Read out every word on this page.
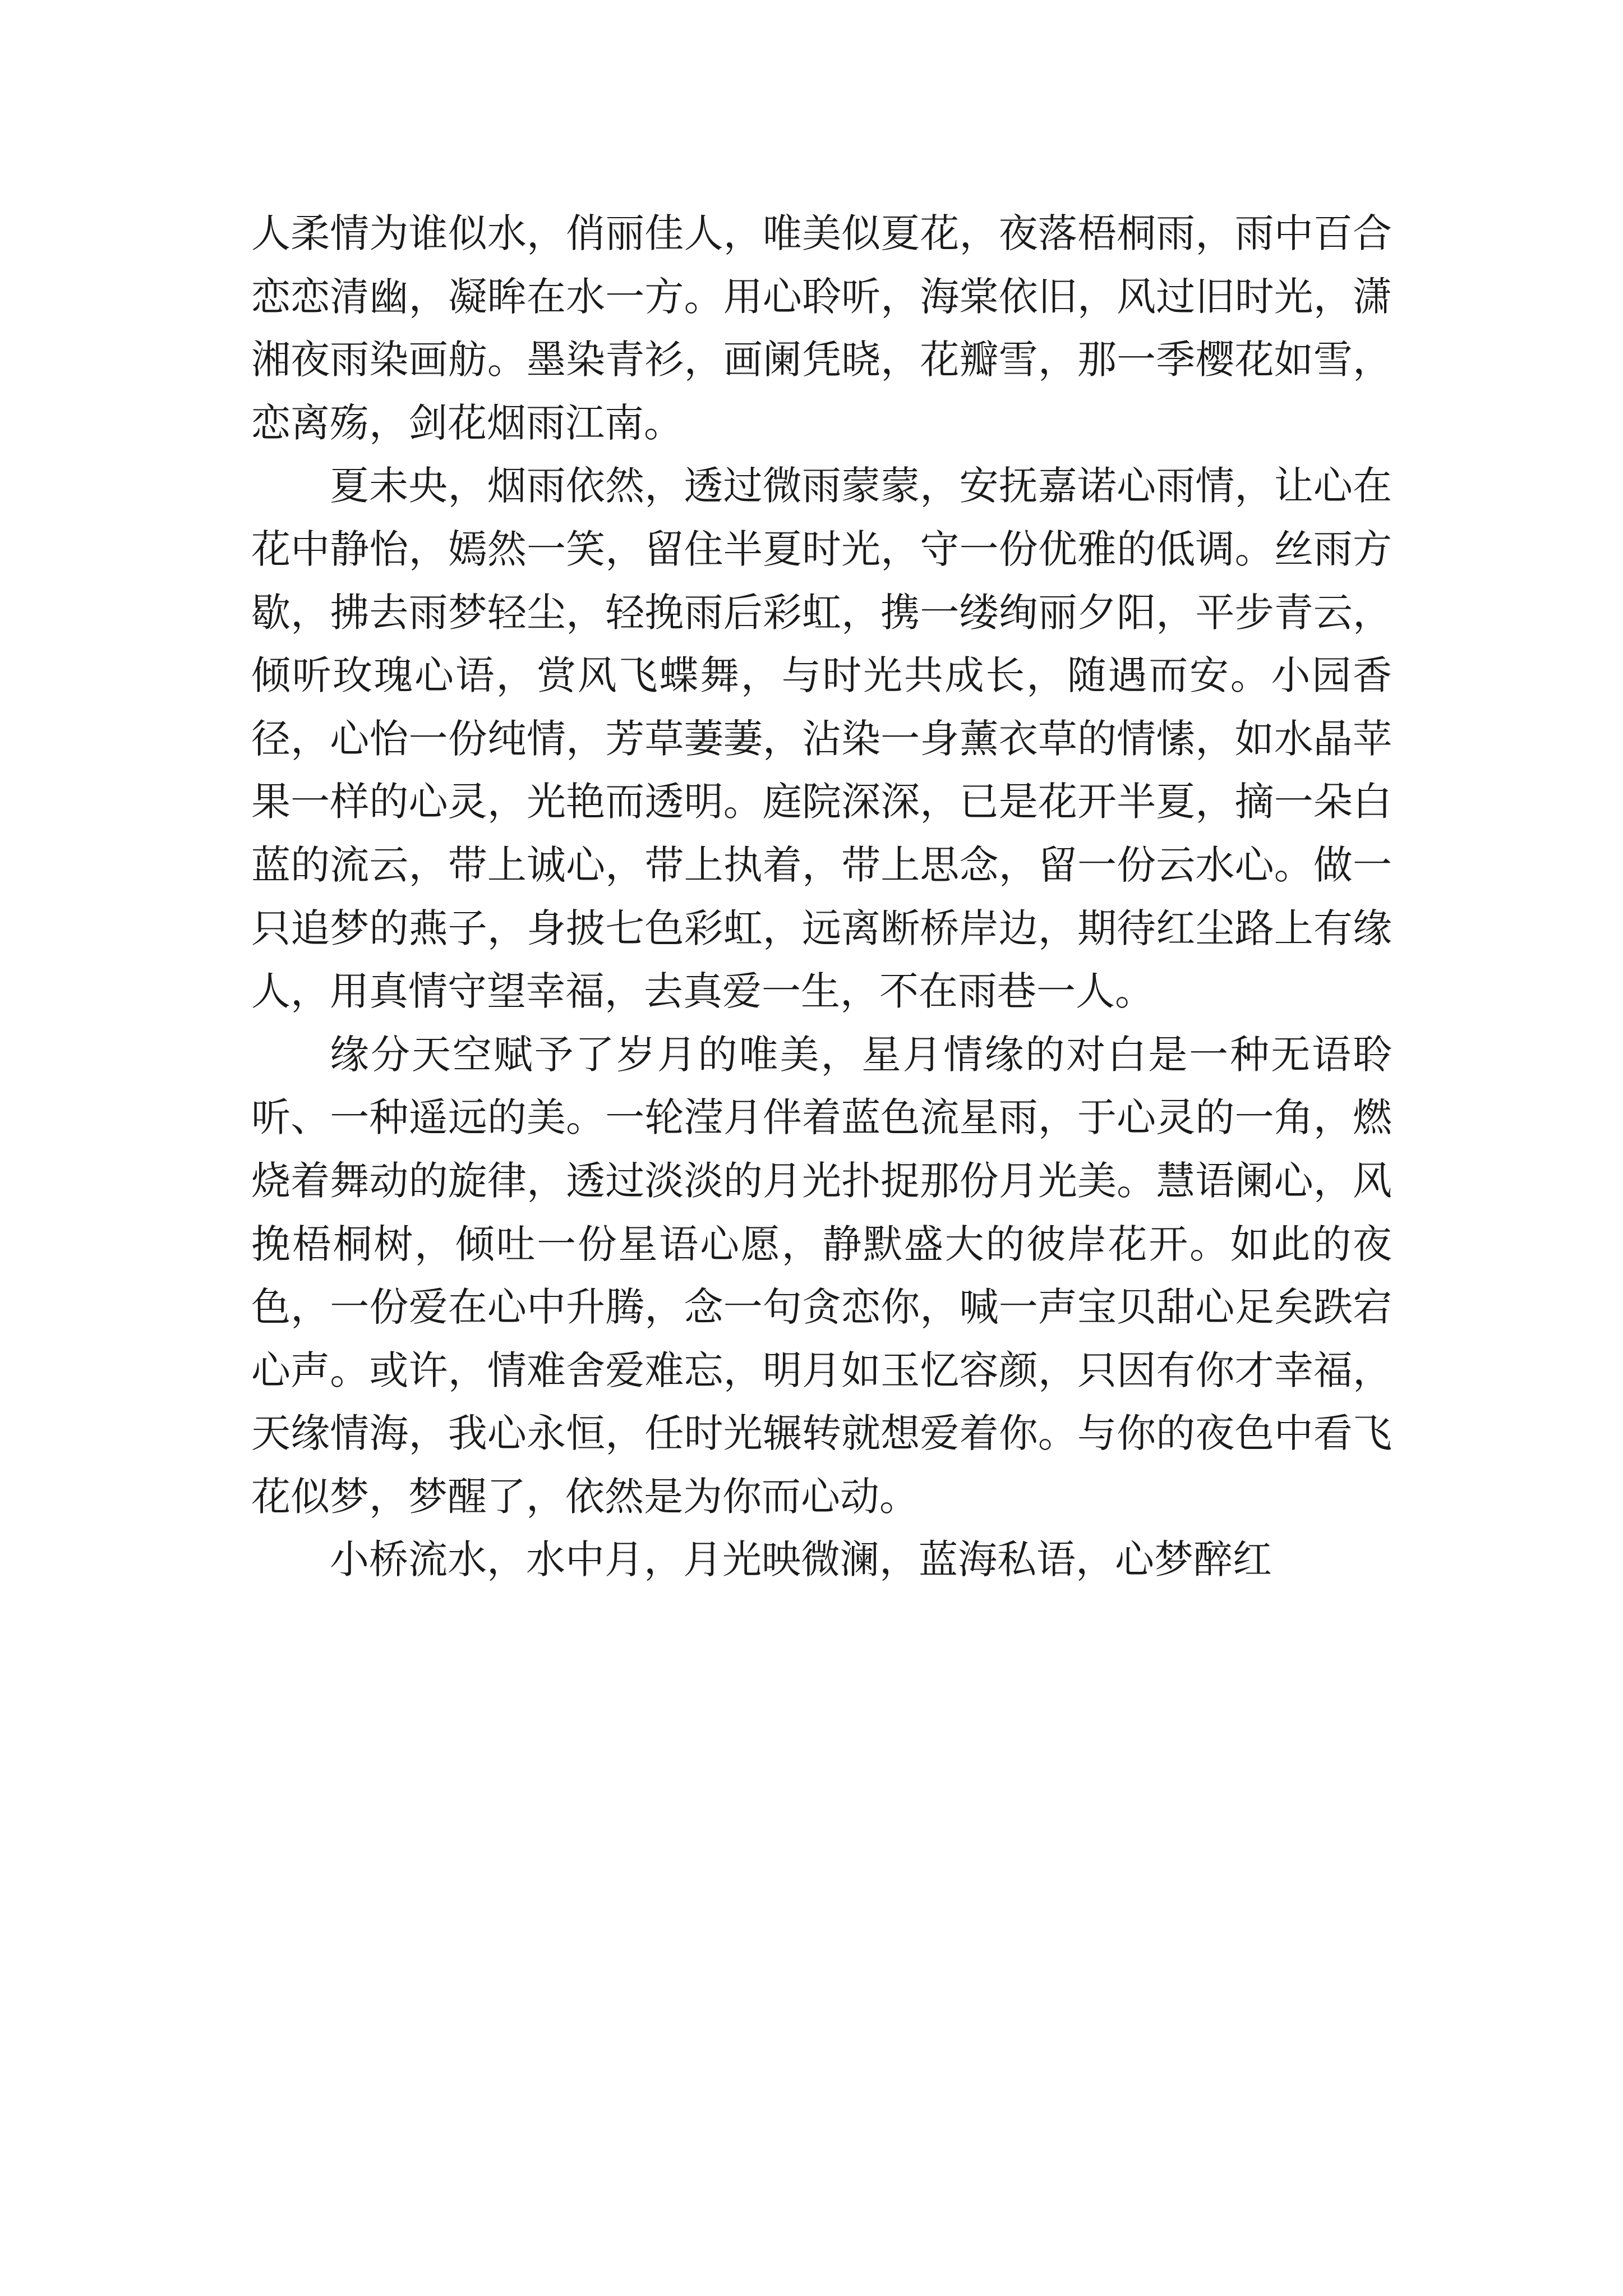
人柔情为谁似水，俏丽佳人，唯美似夏花，夜落梧桐雨，雨中百合恋恋清幽，凝眸在水一方。用心聆听，海棠依旧，风过旧时光，潇湘夜雨染画舫。墨染青衫，画阑凭晓，花瓣雪，那一季樱花如雪，恋离殇，剑花烟雨江南。

夏未央，烟雨依然，透过微雨蒙蒙，安抚嘉诺心雨情，让心在花中静怡，嫣然一笑，留住半夏时光，守一份优雅的低调。丝雨方歇，拂去雨梦轻尘，轻挽雨后彩虹，携一缕绚丽夕阳，平步青云，倾听玫瑰心语，赏风飞蝶舞，与时光共成长，随遇而安。小园香径，心怡一份纯情，芳草萋萋，沾染一身薰衣草的情愫，如水晶苹果一样的心灵，光艳而透明。庭院深深，已是花开半夏，摘一朵白蓝的流云，带上诚心，带上执着，带上思念，留一份云水心。做一只追梦的燕子，身披七色彩虹，远离断桥岸边，期待红尘路上有缘人，用真情守望幸福，去真爱一生，不在雨巷一人。

缘分天空赋予了岁月的唯美，星月情缘的对白是一种无语聆听、一种遥远的美。一轮滢月伴着蓝色流星雨，于心灵的一角，燃烧着舞动的旋律，透过淡淡的月光扑捉那份月光美。慧语阑心，风挽梧桐树，倾吐一份星语心愿，静默盛大的彼岸花开。如此的夜色，一份爱在心中升腾，念一句贪恋你，喊一声宝贝甜心足矣跌宕心声。或许，情难舍爱难忘，明月如玉忆容颜，只因有你才幸福，天缘情海，我心永恒，任时光辗转就想爱着你。与你的夜色中看飞花似梦，梦醒了，依然是为你而心动。

小桥流水，水中月，月光映微澜，蓝海私语，心梦醉红
